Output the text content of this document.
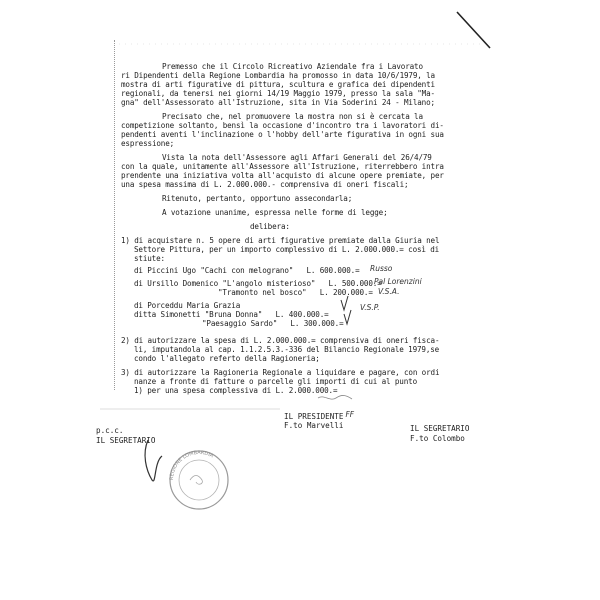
Premesso che il Circolo Ricreativo Aziendale fra i Lavorato
ri Dipendenti della Regione Lombardia ha promosso in data 10/6/1979, la
mostra di arti figurative di pittura, scultura e grafica dei dipendenti
regionali, da tenersi nei giorni 14/19 Maggio 1979, presso la sala "Ma-
gna" dell'Assessorato all'Istruzione, sita in Via Soderini 24 - Milano;
Precisato che, nel promuovere la mostra non si è cercata la
competizione soltanto, bensì la occasione d'incontro tra i lavoratori di-
pendenti aventi l'inclinazione o l'hobby dell'arte figurativa in ogni sua
espressione;
Vista la nota dell'Assessore agli Affari Generali del 26/4/79
con la quale, unitamente all'Assessore all'Istruzione, riterrebbero intra
prendente una iniziativa volta all'acquisto di alcune opere premiate, per
una spesa massima di L. 2.000.000.- comprensiva di oneri fiscali;
Ritenuto, pertanto, opportuno assecondarla;
A votazione unanime, espressa nelle forme di legge;
delibera:
1) di acquistare n. 5 opere di arti figurative premiate dalla Giuria nel
Settore Pittura, per un importo complessivo di L. 2.000.000.= così di
stiute:
di Piccini Ugo "Cachi con melograno"   L. 600.000.=
di Ursillo Domenico "L'angolo misterioso"   L. 500.000.=
"Tramonto nel bosco"   L. 200.000.=
di Porceddu Maria Grazia
ditta Simonetti "Bruna Donna"   L. 400.000.=
"Paesaggio Sardo"   L. 300.000.=
2) di autorizzare la spesa di L. 2.000.000.= comprensiva di oneri fisca-
li, imputandola al cap. 1.1.2.5.3.-336 del Bilancio Regionale 1979,se
condo l'allegato referto della Ragioneria;
3) di autorizzare la Ragioneria Regionale a liquidare e pagare, con ordi
nanze a fronte di fatture o parcelle gli importi di cui al punto
1) per una spesa complessiva di L. 2.000.000.=
Russo
Pal Lorenzini
V.S.A.
V.S.P.
IL PRESIDENTE FF
F.to Marvelli	IL SEGRETARIO
F.to Colombo
p.c.c.
IL SEGRETARIO
REGIONE LOMBARDIA
